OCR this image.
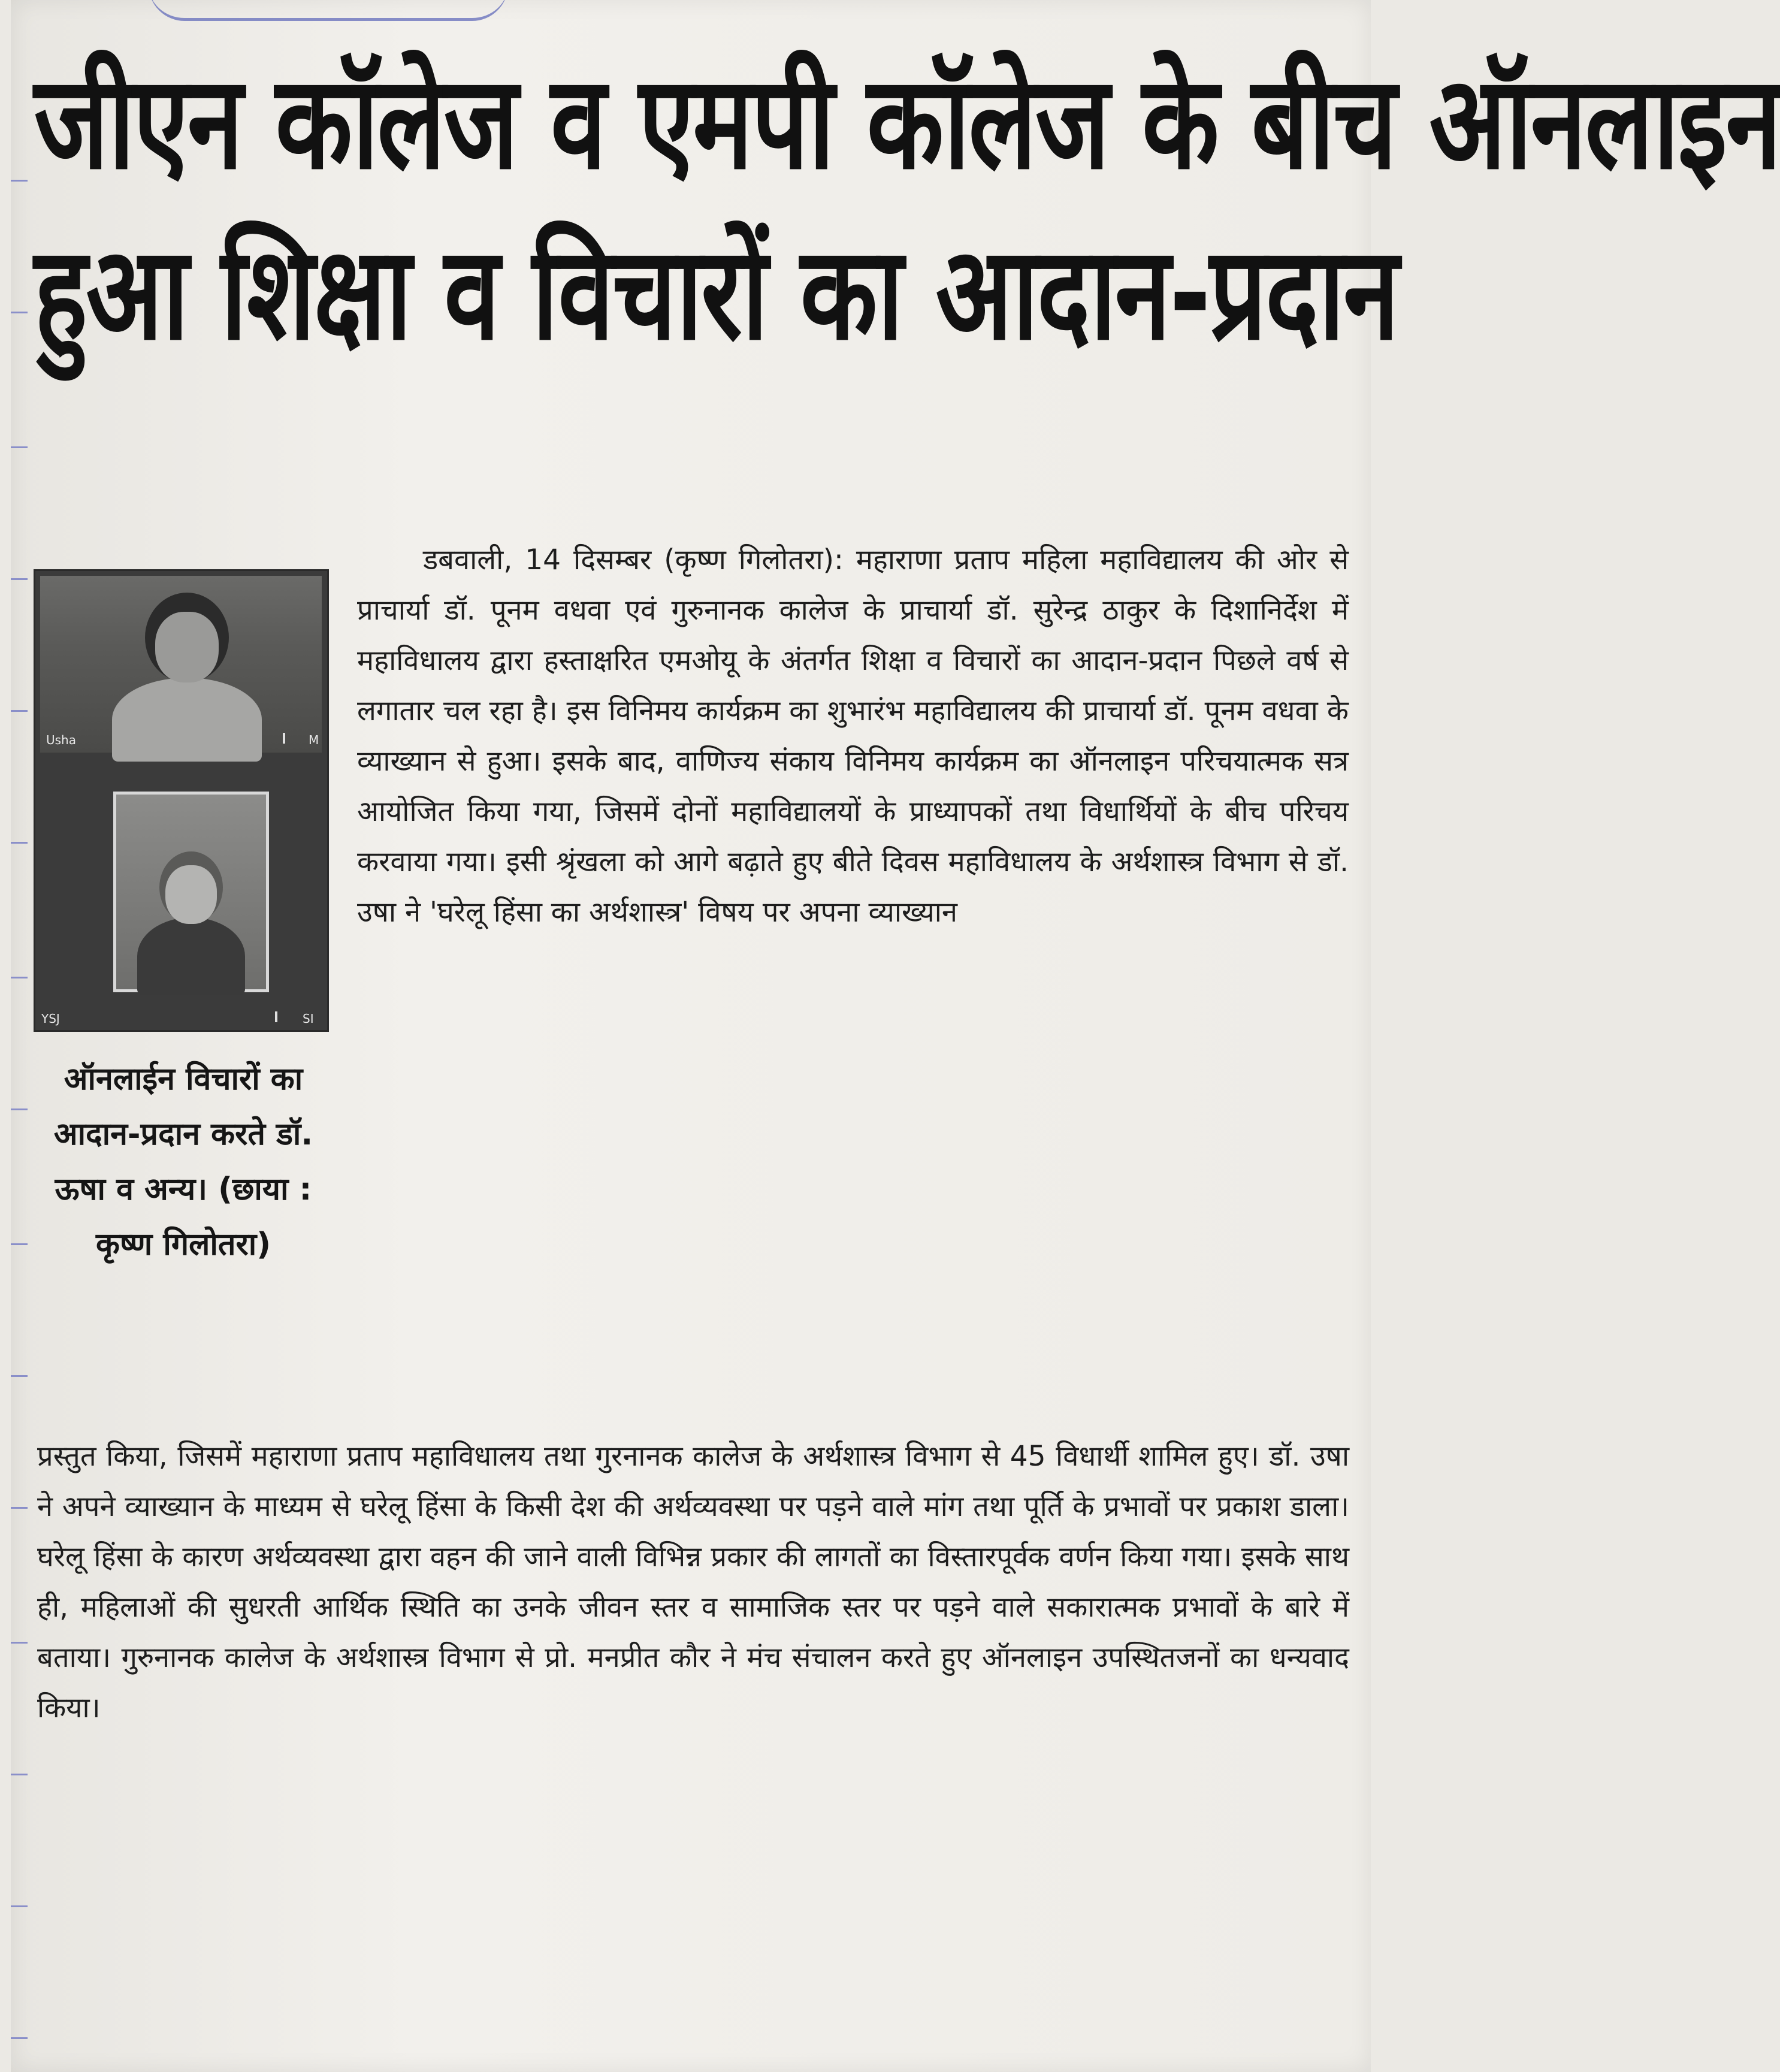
जीएन कॉलेज व एमपी कॉलेज के बीच ऑनलाइन
हुआ शिक्षा व विचारों का आदान-प्रदान
Usha	M
YSJ	SI

ऑनलाईन विचारों का आदान-प्रदान करते डॉ. ऊषा व अन्य। (छाया : कृष्ण गिलोतरा)

डबवाली, 14 दिसम्बर (कृष्ण गिलोतरा): महाराणा प्रताप महिला महाविद्यालय की ओर से प्राचार्या डॉ. पूनम वधवा एवं गुरुनानक कालेज के प्राचार्या डॉ. सुरेन्द्र ठाकुर के दिशानिर्देश में महाविधालय द्वारा हस्ताक्षरित एमओयू के अंतर्गत शिक्षा व विचारों का आदान-प्रदान पिछले वर्ष से लगातार चल रहा है। इस विनिमय कार्यक्रम का शुभारंभ महाविद्यालय की प्राचार्या डॉ. पूनम वधवा के व्याख्यान से हुआ। इसके बाद, वाणिज्य संकाय विनिमय कार्यक्रम का ऑनलाइन परिचयात्मक सत्र आयोजित किया गया, जिसमें दोनों महाविद्यालयों के प्राध्यापकों तथा विधार्थियों के बीच परिचय करवाया गया। इसी श्रृंखला को आगे बढ़ाते हुए बीते दिवस महाविधालय के अर्थशास्त्र विभाग से डॉ. उषा ने 'घरेलू हिंसा का अर्थशास्त्र' विषय पर अपना व्याख्यान

प्रस्तुत किया, जिसमें महाराणा प्रताप महाविधालय तथा गुरनानक कालेज के अर्थशास्त्र विभाग से 45 विधार्थी शामिल हुए। डॉ. उषा ने अपने व्याख्यान के माध्यम से घरेलू हिंसा के किसी देश की अर्थव्यवस्था पर पड़ने वाले मांग तथा पूर्ति के प्रभावों पर प्रकाश डाला। घरेलू हिंसा के कारण अर्थव्यवस्था द्वारा वहन की जाने वाली विभिन्न प्रकार की लागतों का विस्तारपूर्वक वर्णन किया गया। इसके साथ ही, महिलाओं की सुधरती आर्थिक स्थिति का उनके जीवन स्तर व सामाजिक स्तर पर पड़ने वाले सकारात्मक प्रभावों के बारे में बताया। गुरुनानक कालेज के अर्थशास्त्र विभाग से प्रो. मनप्रीत कौर ने मंच संचालन करते हुए ऑनलाइन उपस्थितजनों का धन्यवाद किया।
